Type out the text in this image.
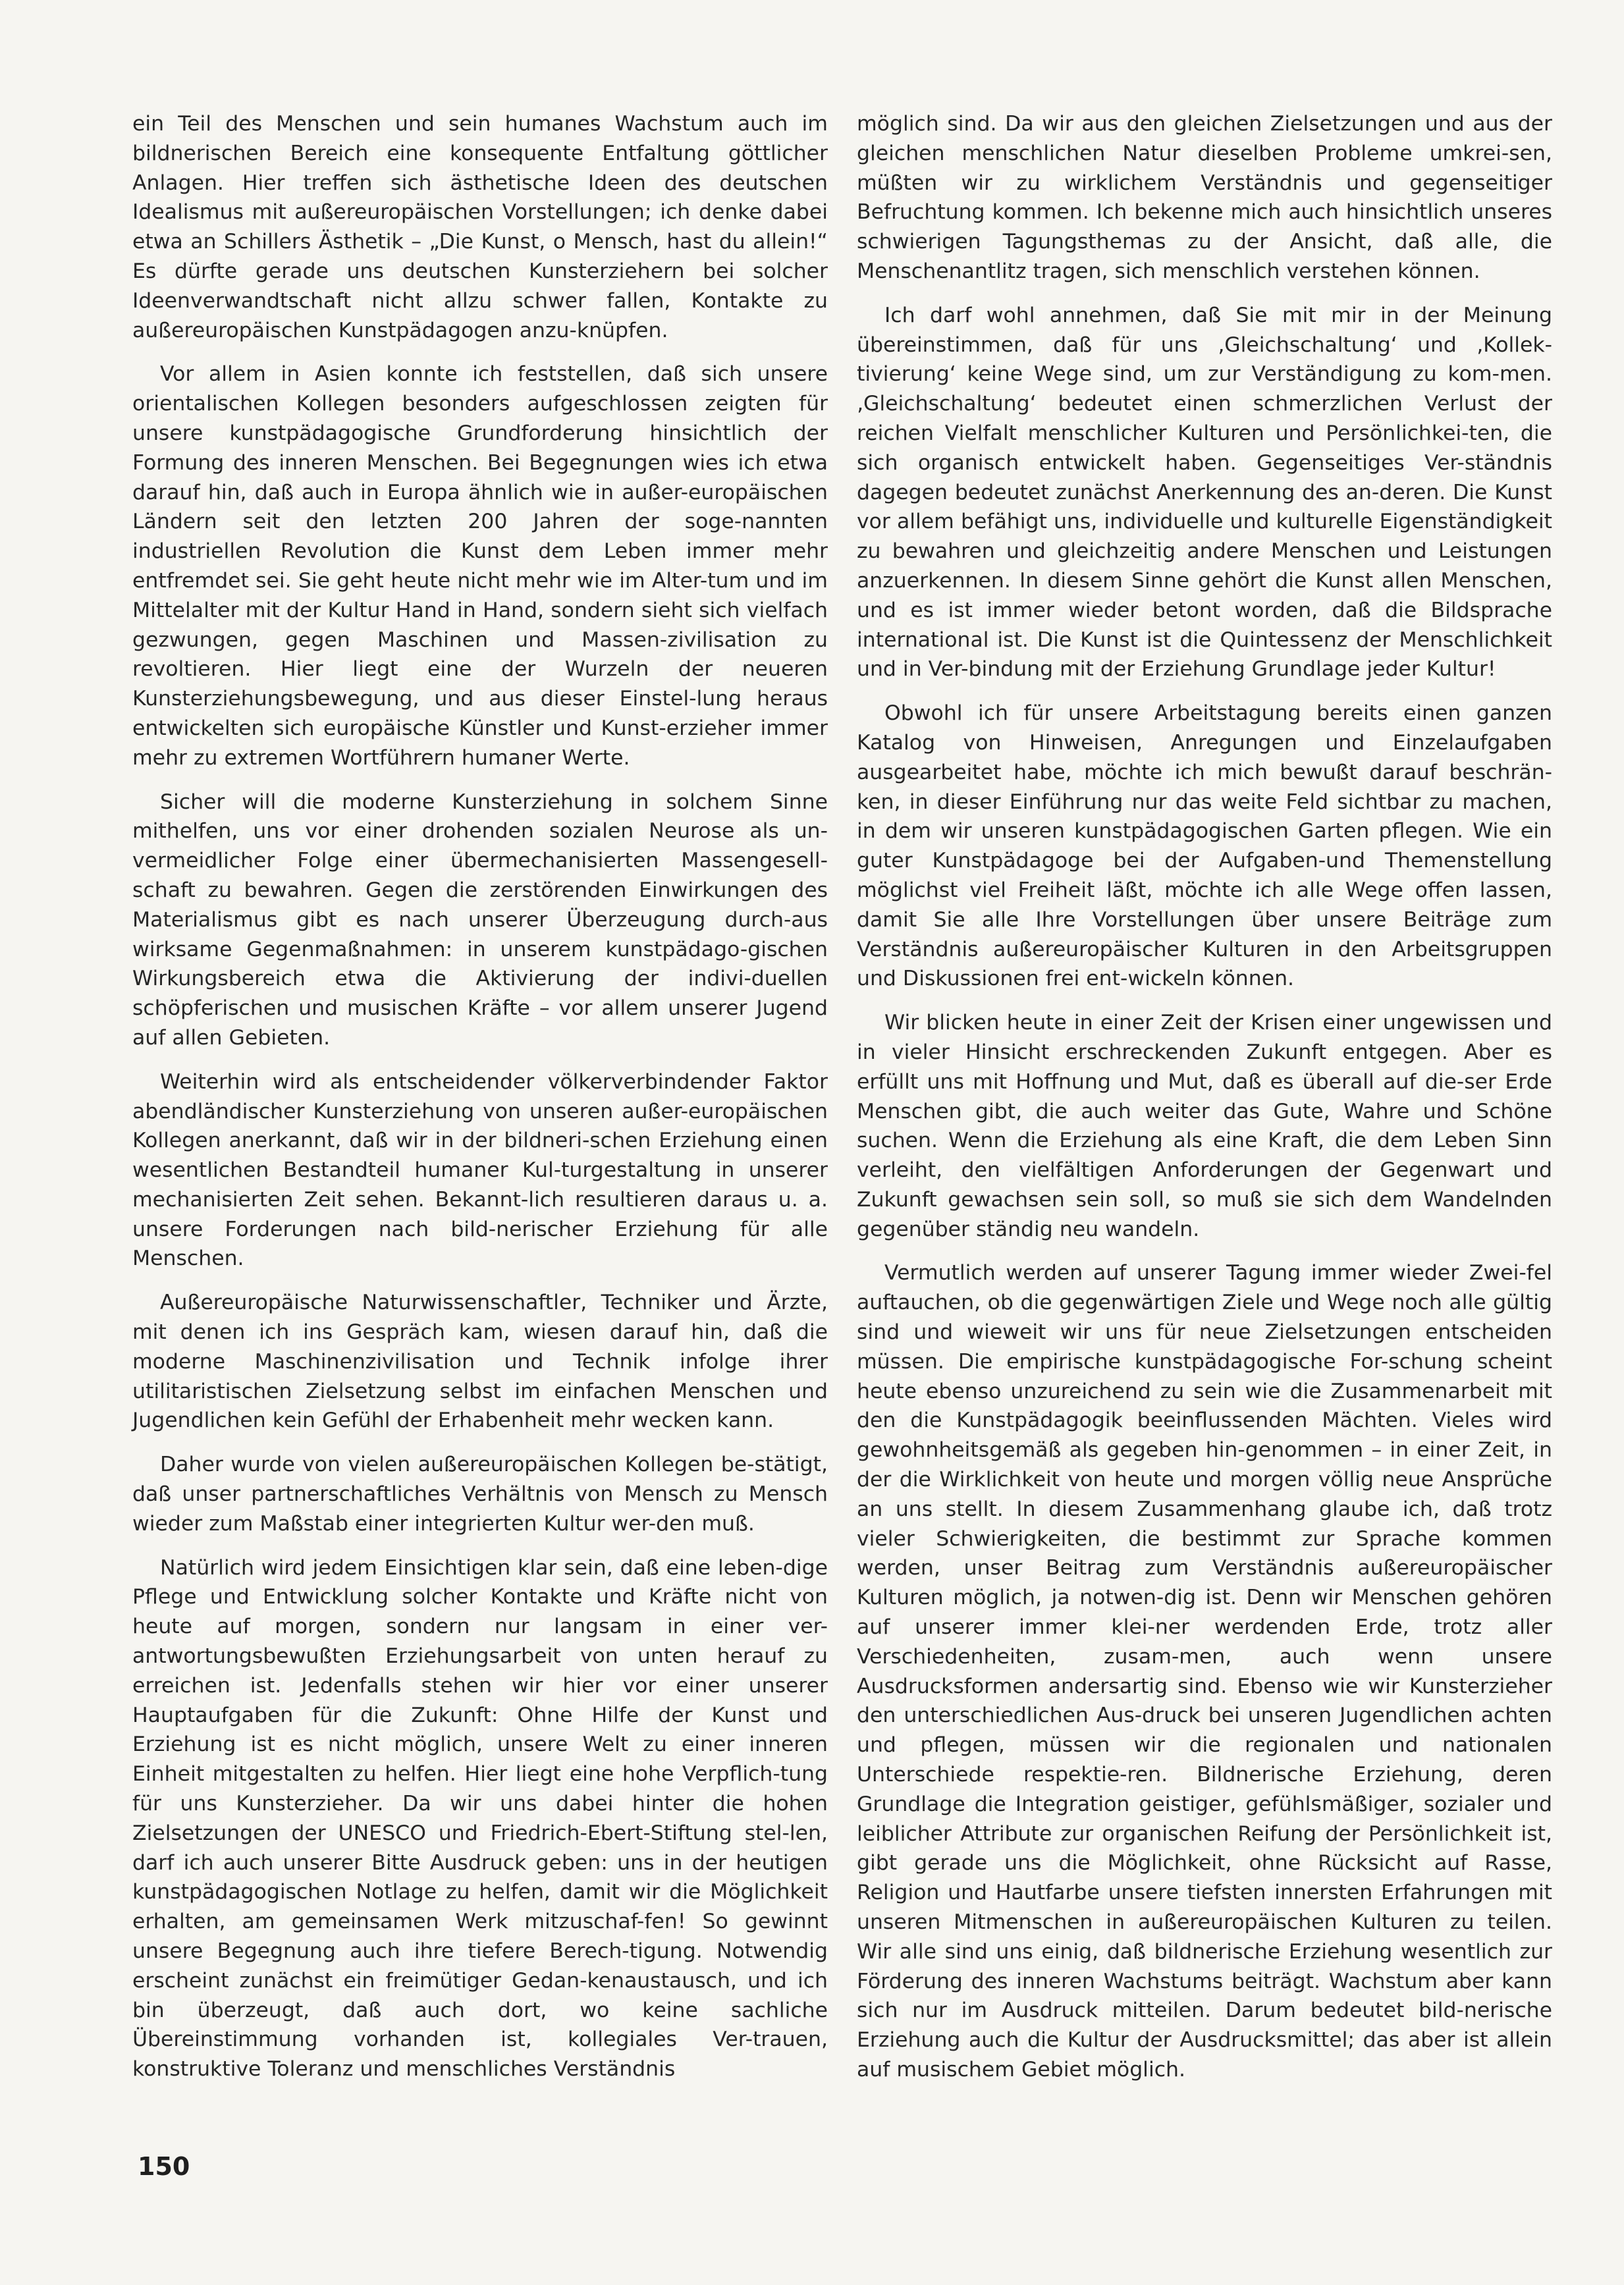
ein Teil des Menschen und sein humanes Wachstum auch im bildnerischen Bereich eine konsequente Entfaltung göttlicher Anlagen. Hier treffen sich ästhetische Ideen des deutschen Idealismus mit außereuropäischen Vorstellungen; ich denke dabei etwa an Schillers Ästhetik – „Die Kunst, o Mensch, hast du allein!“ Es dürfte gerade uns deutschen Kunsterziehern bei solcher Ideenverwandtschaft nicht allzu schwer fallen, Kontakte zu außereuropäischen Kunstpädagogen anzu-knüpfen.

Vor allem in Asien konnte ich feststellen, daß sich unsere orientalischen Kollegen besonders aufgeschlossen zeigten für unsere kunstpädagogische Grundforderung hinsichtlich der Formung des inneren Menschen. Bei Begegnungen wies ich etwa darauf hin, daß auch in Europa ähnlich wie in außer-europäischen Ländern seit den letzten 200 Jahren der soge-nannten industriellen Revolution die Kunst dem Leben immer mehr entfremdet sei. Sie geht heute nicht mehr wie im Alter-tum und im Mittelalter mit der Kultur Hand in Hand, sondern sieht sich vielfach gezwungen, gegen Maschinen und Massen-zivilisation zu revoltieren. Hier liegt eine der Wurzeln der neueren Kunsterziehungsbewegung, und aus dieser Einstel-lung heraus entwickelten sich europäische Künstler und Kunst-erzieher immer mehr zu extremen Wortführern humaner Werte.

Sicher will die moderne Kunsterziehung in solchem Sinne mithelfen, uns vor einer drohenden sozialen Neurose als un-vermeidlicher Folge einer übermechanisierten Massengesell-schaft zu bewahren. Gegen die zerstörenden Einwirkungen des Materialismus gibt es nach unserer Überzeugung durch-aus wirksame Gegenmaßnahmen: in unserem kunstpädago-gischen Wirkungsbereich etwa die Aktivierung der indivi-duellen schöpferischen und musischen Kräfte – vor allem unserer Jugend auf allen Gebieten.

Weiterhin wird als entscheidender völkerverbindender Faktor abendländischer Kunsterziehung von unseren außer-europäischen Kollegen anerkannt, daß wir in der bildneri-schen Erziehung einen wesentlichen Bestandteil humaner Kul-turgestaltung in unserer mechanisierten Zeit sehen. Bekannt-lich resultieren daraus u. a. unsere Forderungen nach bild-nerischer Erziehung für alle Menschen.

Außereuropäische Naturwissenschaftler, Techniker und Ärzte, mit denen ich ins Gespräch kam, wiesen darauf hin, daß die moderne Maschinenzivilisation und Technik infolge ihrer utilitaristischen Zielsetzung selbst im einfachen Menschen und Jugendlichen kein Gefühl der Erhabenheit mehr wecken kann.

Daher wurde von vielen außereuropäischen Kollegen be-stätigt, daß unser partnerschaftliches Verhältnis von Mensch zu Mensch wieder zum Maßstab einer integrierten Kultur wer-den muß.

Natürlich wird jedem Einsichtigen klar sein, daß eine leben-dige Pflege und Entwicklung solcher Kontakte und Kräfte nicht von heute auf morgen, sondern nur langsam in einer ver-antwortungsbewußten Erziehungsarbeit von unten herauf zu erreichen ist. Jedenfalls stehen wir hier vor einer unserer Hauptaufgaben für die Zukunft: Ohne Hilfe der Kunst und Erziehung ist es nicht möglich, unsere Welt zu einer inneren Einheit mitgestalten zu helfen. Hier liegt eine hohe Verpflich-tung für uns Kunsterzieher. Da wir uns dabei hinter die hohen Zielsetzungen der UNESCO und Friedrich-Ebert-Stiftung stel-len, darf ich auch unserer Bitte Ausdruck geben: uns in der heutigen kunstpädagogischen Notlage zu helfen, damit wir die Möglichkeit erhalten, am gemeinsamen Werk mitzuschaf-fen! So gewinnt unsere Begegnung auch ihre tiefere Berech-tigung. Notwendig erscheint zunächst ein freimütiger Gedan-kenaustausch, und ich bin überzeugt, daß auch dort, wo keine sachliche Übereinstimmung vorhanden ist, kollegiales Ver-trauen, konstruktive Toleranz und menschliches Verständnis

möglich sind. Da wir aus den gleichen Zielsetzungen und aus der gleichen menschlichen Natur dieselben Probleme umkrei-sen, müßten wir zu wirklichem Verständnis und gegenseitiger Befruchtung kommen. Ich bekenne mich auch hinsichtlich unseres schwierigen Tagungsthemas zu der Ansicht, daß alle, die Menschenantlitz tragen, sich menschlich verstehen können.

Ich darf wohl annehmen, daß Sie mit mir in der Meinung übereinstimmen, daß für uns ‚Gleichschaltung‘ und ‚Kollek-tivierung‘ keine Wege sind, um zur Verständigung zu kom-men. ‚Gleichschaltung‘ bedeutet einen schmerzlichen Verlust der reichen Vielfalt menschlicher Kulturen und Persönlichkei-ten, die sich organisch entwickelt haben. Gegenseitiges Ver-ständnis dagegen bedeutet zunächst Anerkennung des an-deren. Die Kunst vor allem befähigt uns, individuelle und kulturelle Eigenständigkeit zu bewahren und gleichzeitig andere Menschen und Leistungen anzuerkennen. In diesem Sinne gehört die Kunst allen Menschen, und es ist immer wieder betont worden, daß die Bildsprache international ist. Die Kunst ist die Quintessenz der Menschlichkeit und in Ver-bindung mit der Erziehung Grundlage jeder Kultur!

Obwohl ich für unsere Arbeitstagung bereits einen ganzen Katalog von Hinweisen, Anregungen und Einzelaufgaben ausgearbeitet habe, möchte ich mich bewußt darauf beschrän-ken, in dieser Einführung nur das weite Feld sichtbar zu machen, in dem wir unseren kunstpädagogischen Garten pflegen. Wie ein guter Kunstpädagoge bei der Aufgaben-und Themenstellung möglichst viel Freiheit läßt, möchte ich alle Wege offen lassen, damit Sie alle Ihre Vorstellungen über unsere Beiträge zum Verständnis außereuropäischer Kulturen in den Arbeitsgruppen und Diskussionen frei ent-wickeln können.

Wir blicken heute in einer Zeit der Krisen einer ungewissen und in vieler Hinsicht erschreckenden Zukunft entgegen. Aber es erfüllt uns mit Hoffnung und Mut, daß es überall auf die-ser Erde Menschen gibt, die auch weiter das Gute, Wahre und Schöne suchen. Wenn die Erziehung als eine Kraft, die dem Leben Sinn verleiht, den vielfältigen Anforderungen der Gegenwart und Zukunft gewachsen sein soll, so muß sie sich dem Wandelnden gegenüber ständig neu wandeln.

Vermutlich werden auf unserer Tagung immer wieder Zwei-fel auftauchen, ob die gegenwärtigen Ziele und Wege noch alle gültig sind und wieweit wir uns für neue Zielsetzungen entscheiden müssen. Die empirische kunstpädagogische For-schung scheint heute ebenso unzureichend zu sein wie die Zusammenarbeit mit den die Kunstpädagogik beeinflussenden Mächten. Vieles wird gewohnheitsgemäß als gegeben hin-genommen – in einer Zeit, in der die Wirklichkeit von heute und morgen völlig neue Ansprüche an uns stellt. In diesem Zusammenhang glaube ich, daß trotz vieler Schwierigkeiten, die bestimmt zur Sprache kommen werden, unser Beitrag zum Verständnis außereuropäischer Kulturen möglich, ja notwen-dig ist. Denn wir Menschen gehören auf unserer immer klei-ner werdenden Erde, trotz aller Verschiedenheiten, zusam-men, auch wenn unsere Ausdrucksformen andersartig sind. Ebenso wie wir Kunsterzieher den unterschiedlichen Aus-druck bei unseren Jugendlichen achten und pflegen, müssen wir die regionalen und nationalen Unterschiede respektie-ren. Bildnerische Erziehung, deren Grundlage die Integration geistiger, gefühlsmäßiger, sozialer und leiblicher Attribute zur organischen Reifung der Persönlichkeit ist, gibt gerade uns die Möglichkeit, ohne Rücksicht auf Rasse, Religion und Hautfarbe unsere tiefsten innersten Erfahrungen mit unseren Mitmenschen in außereuropäischen Kulturen zu teilen. Wir alle sind uns einig, daß bildnerische Erziehung wesentlich zur Förderung des inneren Wachstums beiträgt. Wachstum aber kann sich nur im Ausdruck mitteilen. Darum bedeutet bild-nerische Erziehung auch die Kultur der Ausdrucksmittel; das aber ist allein auf musischem Gebiet möglich.

150
